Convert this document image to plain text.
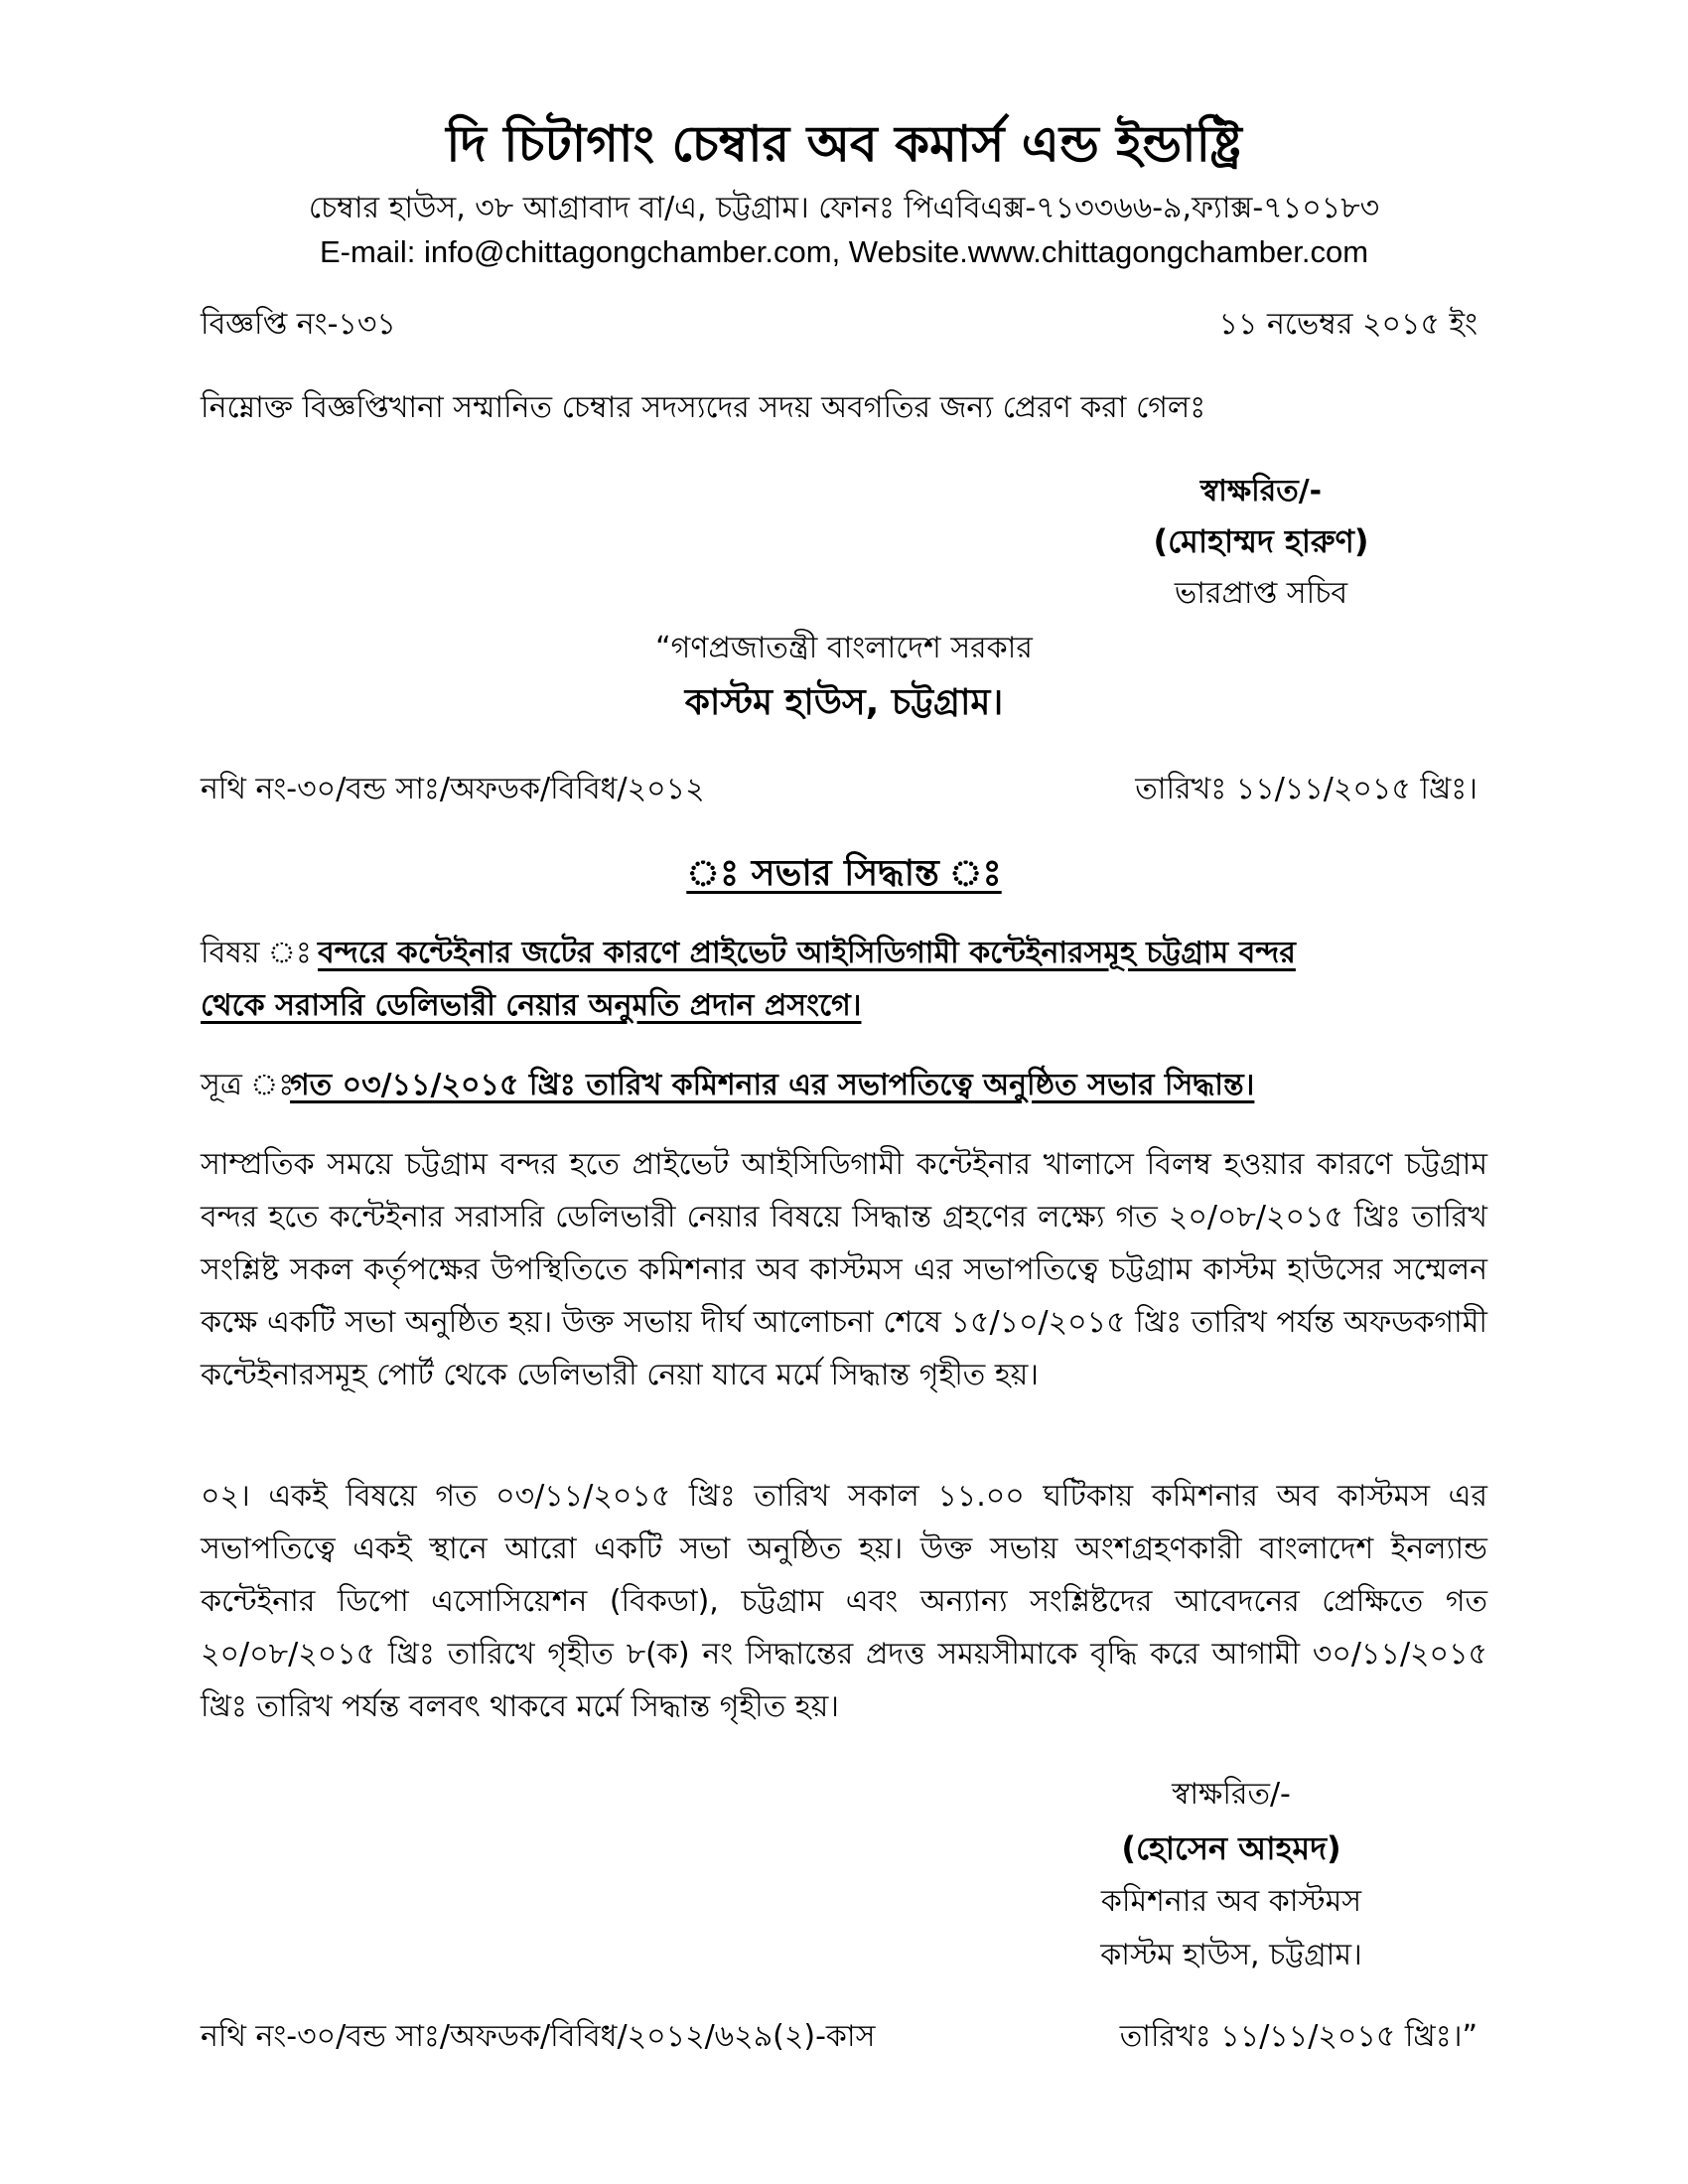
দি চিটাগাং চেম্বার অব কমার্স এন্ড ইন্ডাষ্ট্রি
চেম্বার হাউস, ৩৮ আগ্রাবাদ বা/এ, চট্টগ্রাম। ফোনঃ পিএবিএক্স-৭১৩৩৬৬-৯,ফ্যাক্স-৭১০১৮৩
E-mail: info@chittagongchamber.com, Website.www.chittagongchamber.com
বিজ্ঞপ্তি নং-১৩১	১১ নভেম্বর ২০১৫ ইং
নিম্নোক্ত বিজ্ঞপ্তিখানা সম্মানিত চেম্বার সদস্যদের সদয় অবগতির জন্য প্রেরণ করা গেলঃ
স্বাক্ষরিত/-
(মোহাম্মদ হারুণ)
ভারপ্রাপ্ত সচিব
“গণপ্রজাতন্ত্রী বাংলাদেশ সরকার
কাস্টম হাউস, চট্টগ্রাম।
নথি নং-৩০/বন্ড সাঃ/অফডক/বিবিধ/২০১২	তারিখঃ ১১/১১/২০১৫ খ্রিঃ।
ঃ সভার সিদ্ধান্ত ঃ
বিষয় ঃ বন্দরে কন্টেইনার জটের কারণে প্রাইভেট আইসিডিগামী কন্টেইনারসমূহ চট্টগ্রাম বন্দর
থেকে সরাসরি ডেলিভারী নেয়ার অনুমতি প্রদান প্রসংগে।
সূত্র ঃ
গত ০৩/১১/২০১৫ খ্রিঃ তারিখ কমিশনার এর সভাপতিত্বে অনুষ্ঠিত সভার সিদ্ধান্ত।

সাম্প্রতিক সময়ে চট্টগ্রাম বন্দর হতে প্রাইভেট আইসিডিগামী কন্টেইনার খালাসে বিলম্ব হওয়ার কারণে চট্টগ্রাম বন্দর হতে কন্টেইনার সরাসরি ডেলিভারী নেয়ার বিষয়ে সিদ্ধান্ত গ্রহণের লক্ষ্যে গত ২০/০৮/২০১৫ খ্রিঃ তারিখ সংশ্লিষ্ট সকল কর্তৃপক্ষের উপস্থিতিতে কমিশনার অব কাস্টমস এর সভাপতিত্বে চট্টগ্রাম কাস্টম হাউসের সম্মেলন কক্ষে একটি সভা অনুষ্ঠিত হয়। উক্ত সভায় দীর্ঘ আলোচনা শেষে ১৫/১০/২০১৫ খ্রিঃ তারিখ পর্যন্ত অফডকগামী কন্টেইনারসমূহ পোর্ট থেকে ডেলিভারী নেয়া যাবে মর্মে সিদ্ধান্ত গৃহীত হয়।

০২। একই বিষয়ে গত ০৩/১১/২০১৫ খ্রিঃ তারিখ সকাল ১১.০০ ঘটিকায় কমিশনার অব কাস্টমস এর সভাপতিত্বে একই স্থানে আরো একটি সভা অনুষ্ঠিত হয়। উক্ত সভায় অংশগ্রহণকারী বাংলাদেশ ইনল্যান্ড কন্টেইনার ডিপো এসোসিয়েশন (বিকডা), চট্টগ্রাম এবং অন্যান্য সংশ্লিষ্টদের আবেদনের প্রেক্ষিতে গত ২০/০৮/২০১৫ খ্রিঃ তারিখে গৃহীত ৮(ক) নং সিদ্ধান্তের প্রদত্ত সময়সীমাকে বৃদ্ধি করে আগামী ৩০/১১/২০১৫ খ্রিঃ তারিখ পর্যন্ত বলবৎ থাকবে মর্মে সিদ্ধান্ত গৃহীত হয়।

স্বাক্ষরিত/-
(হোসেন আহমদ)
কমিশনার অব কাস্টমস
কাস্টম হাউস, চট্টগ্রাম।
নথি নং-৩০/বন্ড সাঃ/অফডক/বিবিধ/২০১২/৬২৯(২)-কাস	তারিখঃ ১১/১১/২০১৫ খ্রিঃ।”
